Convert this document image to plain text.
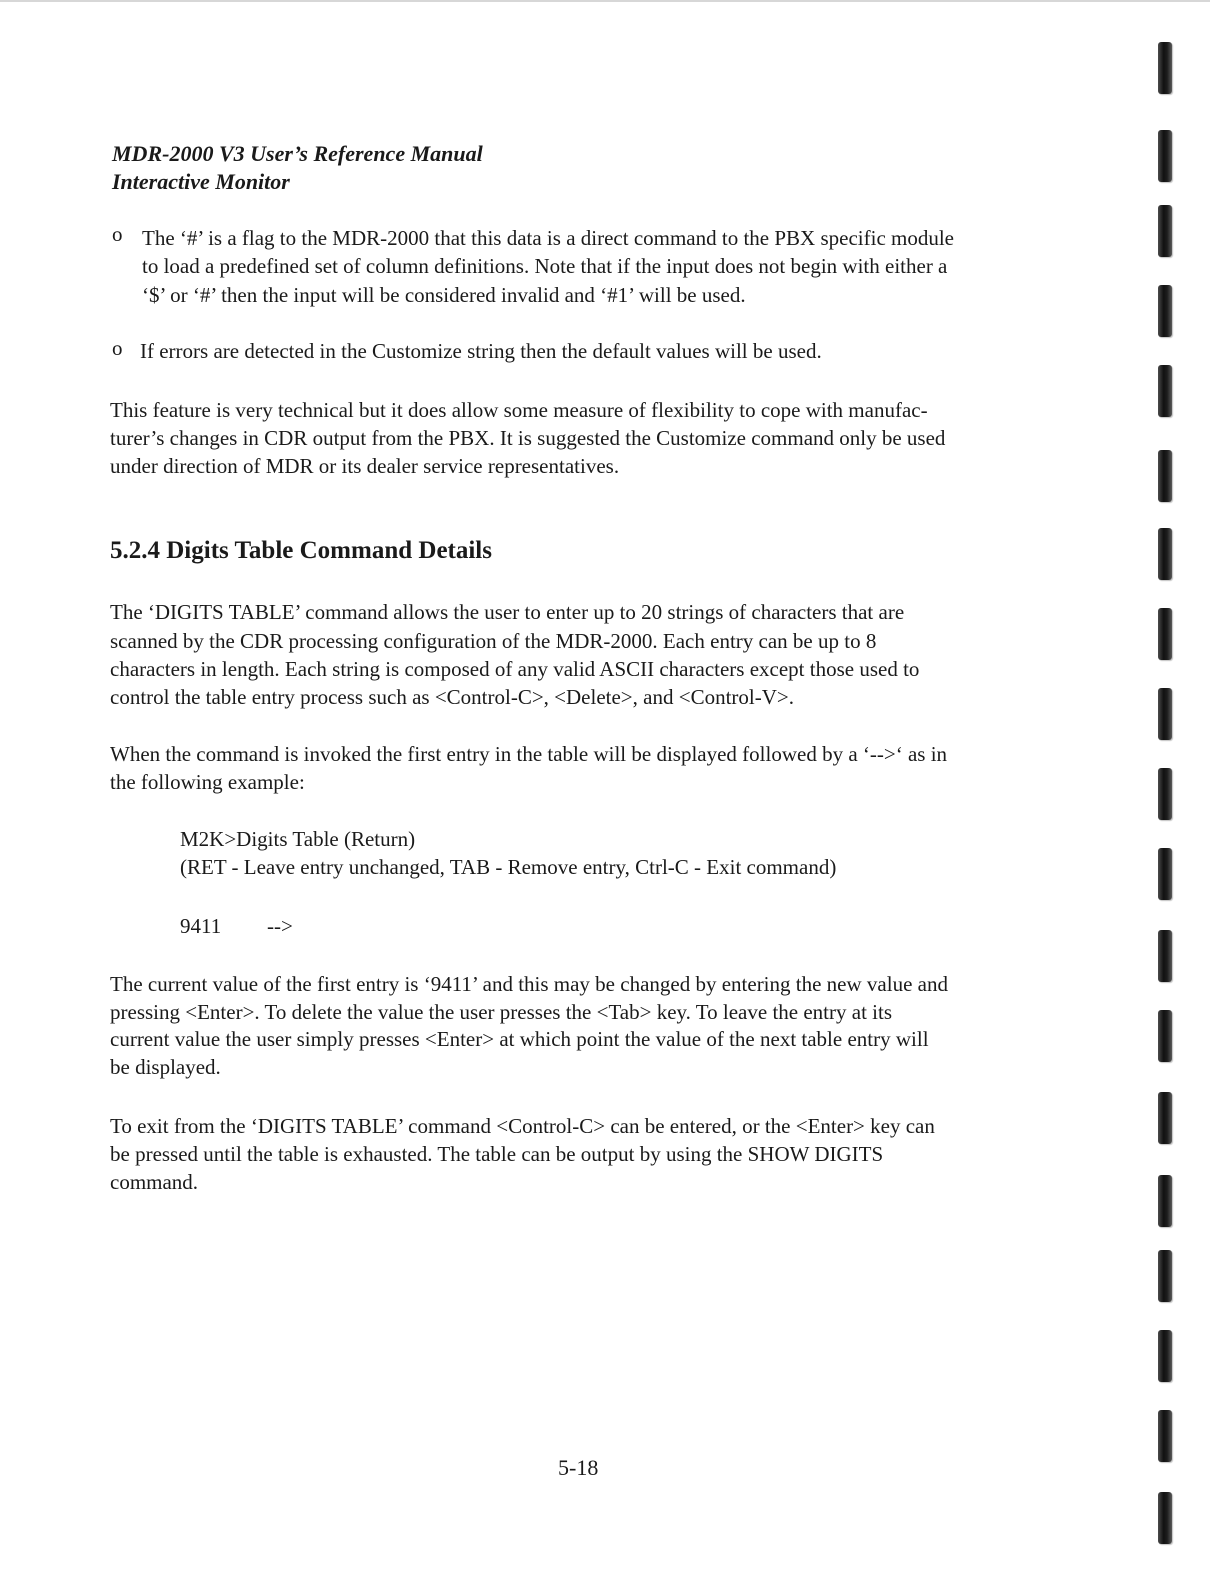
MDR-2000 V3 User’s Reference Manual
Interactive Monitor
o The ‘#’ is a flag to the MDR-2000 that this data is a direct command to the PBX specific module
to load a predefined set of column definitions. Note that if the input does not begin with either a
‘$’ or ‘#’ then the input will be considered invalid and ‘#1’ will be used.
o If errors are detected in the Customize string then the default values will be used.
This feature is very technical but it does allow some measure of flexibility to cope with manufac-
turer’s changes in CDR output from the PBX. It is suggested the Customize command only be used
under direction of MDR or its dealer service representatives.
5.2.4 Digits Table Command Details
The ‘DIGITS TABLE’ command allows the user to enter up to 20 strings of characters that are
scanned by the CDR processing configuration of the MDR-2000. Each entry can be up to 8
characters in length. Each string is composed of any valid ASCII characters except those used to
control the table entry process such as <Control-C>, <Delete>, and <Control-V>.
When the command is invoked the first entry in the table will be displayed followed by a ‘-->‘ as in
the following example:
M2K>Digits Table (Return)
(RET - Leave entry unchanged, TAB - Remove entry, Ctrl-C - Exit command)
9411 -->
The current value of the first entry is ‘9411’ and this may be changed by entering the new value and
pressing <Enter>. To delete the value the user presses the <Tab> key. To leave the entry at its
current value the user simply presses <Enter> at which point the value of the next table entry will
be displayed.
To exit from the ‘DIGITS TABLE’ command <Control-C> can be entered, or the <Enter> key can
be pressed until the table is exhausted. The table can be output by using the SHOW DIGITS
command.
5-18
